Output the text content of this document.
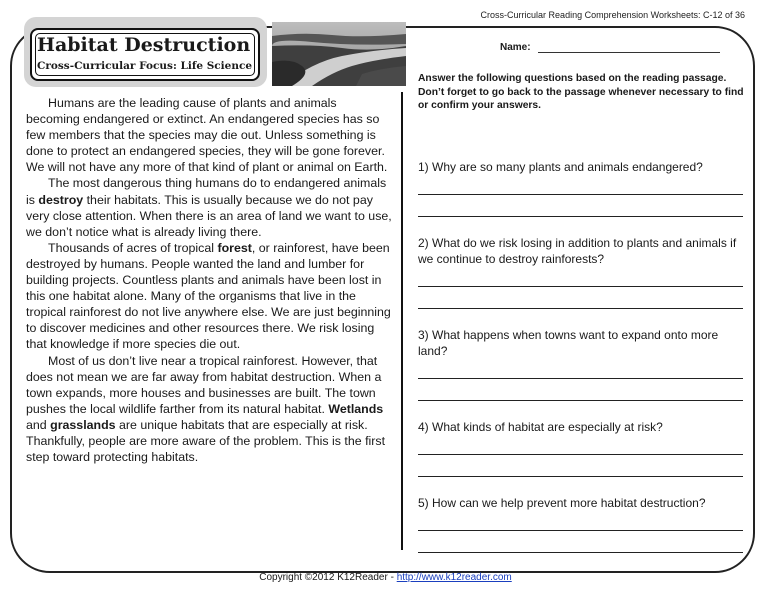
Cross-Curricular Reading Comprehension Worksheets: C-12 of 36
Habitat Destruction
Cross-Curricular Focus: Life Science
Name:
Answer the following questions based on the reading passage. Don’t forget to go back to the passage whenever necessary to find or confirm your answers.

Humans are the leading cause of plants and animals becoming endangered or extinct. An endangered species has so few members that the species may die out. Unless something is done to protect an endangered species, they will be gone forever. We will not have any more of that kind of plant or animal on Earth.

The most dangerous thing humans do to endangered animals is destroy their habitats. This is usually because we do not pay very close attention. When there is an area of land we want to use, we don’t notice what is already living there.

Thousands of acres of tropical forest, or rainforest, have been destroyed by humans. People wanted the land and lumber for building projects. Countless plants and animals have been lost in this one habitat alone. Many of the organisms that live in the tropical rainforest do not live anywhere else. We are just beginning to discover medicines and other resources there. We risk losing that knowledge if more species die out.

Most of us don’t live near a tropical rainforest. However, that does not mean we are far away from habitat destruction. When a town expands, more houses and businesses are built. The town pushes the local wildlife farther from its natural habitat. Wetlands and grasslands are unique habitats that are especially at risk. Thankfully, people are more aware of the problem. This is the first step toward protecting habitats.

1) Why are so many plants and animals endangered?
2) What do we risk losing in addition to plants and animals if we continue to destroy rainforests?
3) What happens when towns want to expand onto more land?
4) What kinds of habitat are especially at risk?
5) How can we help prevent more habitat destruction?
Copyright ©2012 K12Reader - http://www.k12reader.com
